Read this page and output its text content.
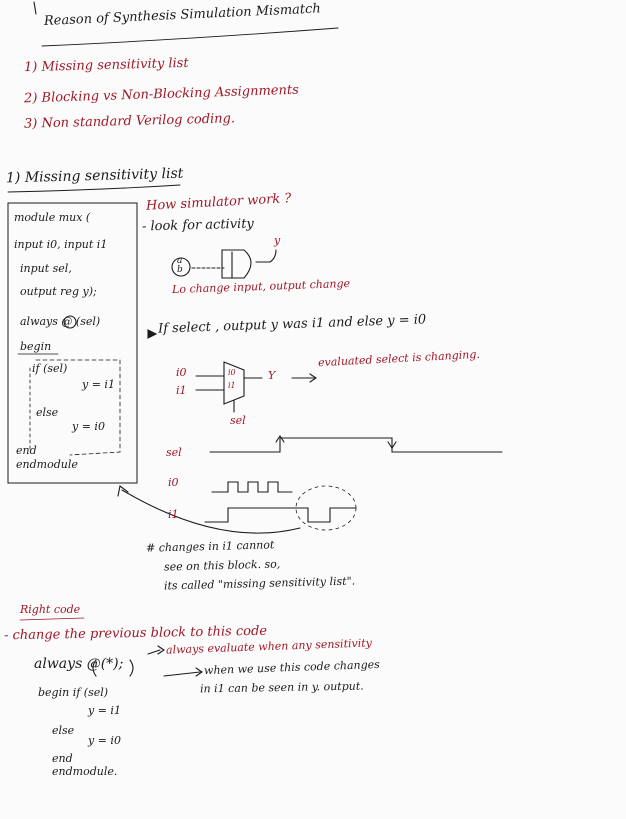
Reason of Synthesis Simulation Mismatch
1) Missing sensitivity list
2) Blocking vs Non-Blocking Assignments
3) Non standard Verilog coding.
1) Missing sensitivity list
module mux (
input i0, input i1
input sel,
output reg y);
always @ (sel)
begin
if (sel)
y = i1
else
y = i0
end
endmodule
How simulator work ?
- look for activity
a
b
y
Lo change input, output change
If select , output y was i1 and else y = i0
i0
i1
i0
i1
Y
sel
evaluated select is changing.
sel
i0
i1
# changes in i1 cannot
see on this block. so,
its called "missing sensitivity list".
Right code
- change the previous block to this code
always @(*);
begin if (sel)
y = i1
else
y = i0
end
endmodule.
always evaluate when any sensitivity
when we use this code changes
in i1 can be seen in y. output.
